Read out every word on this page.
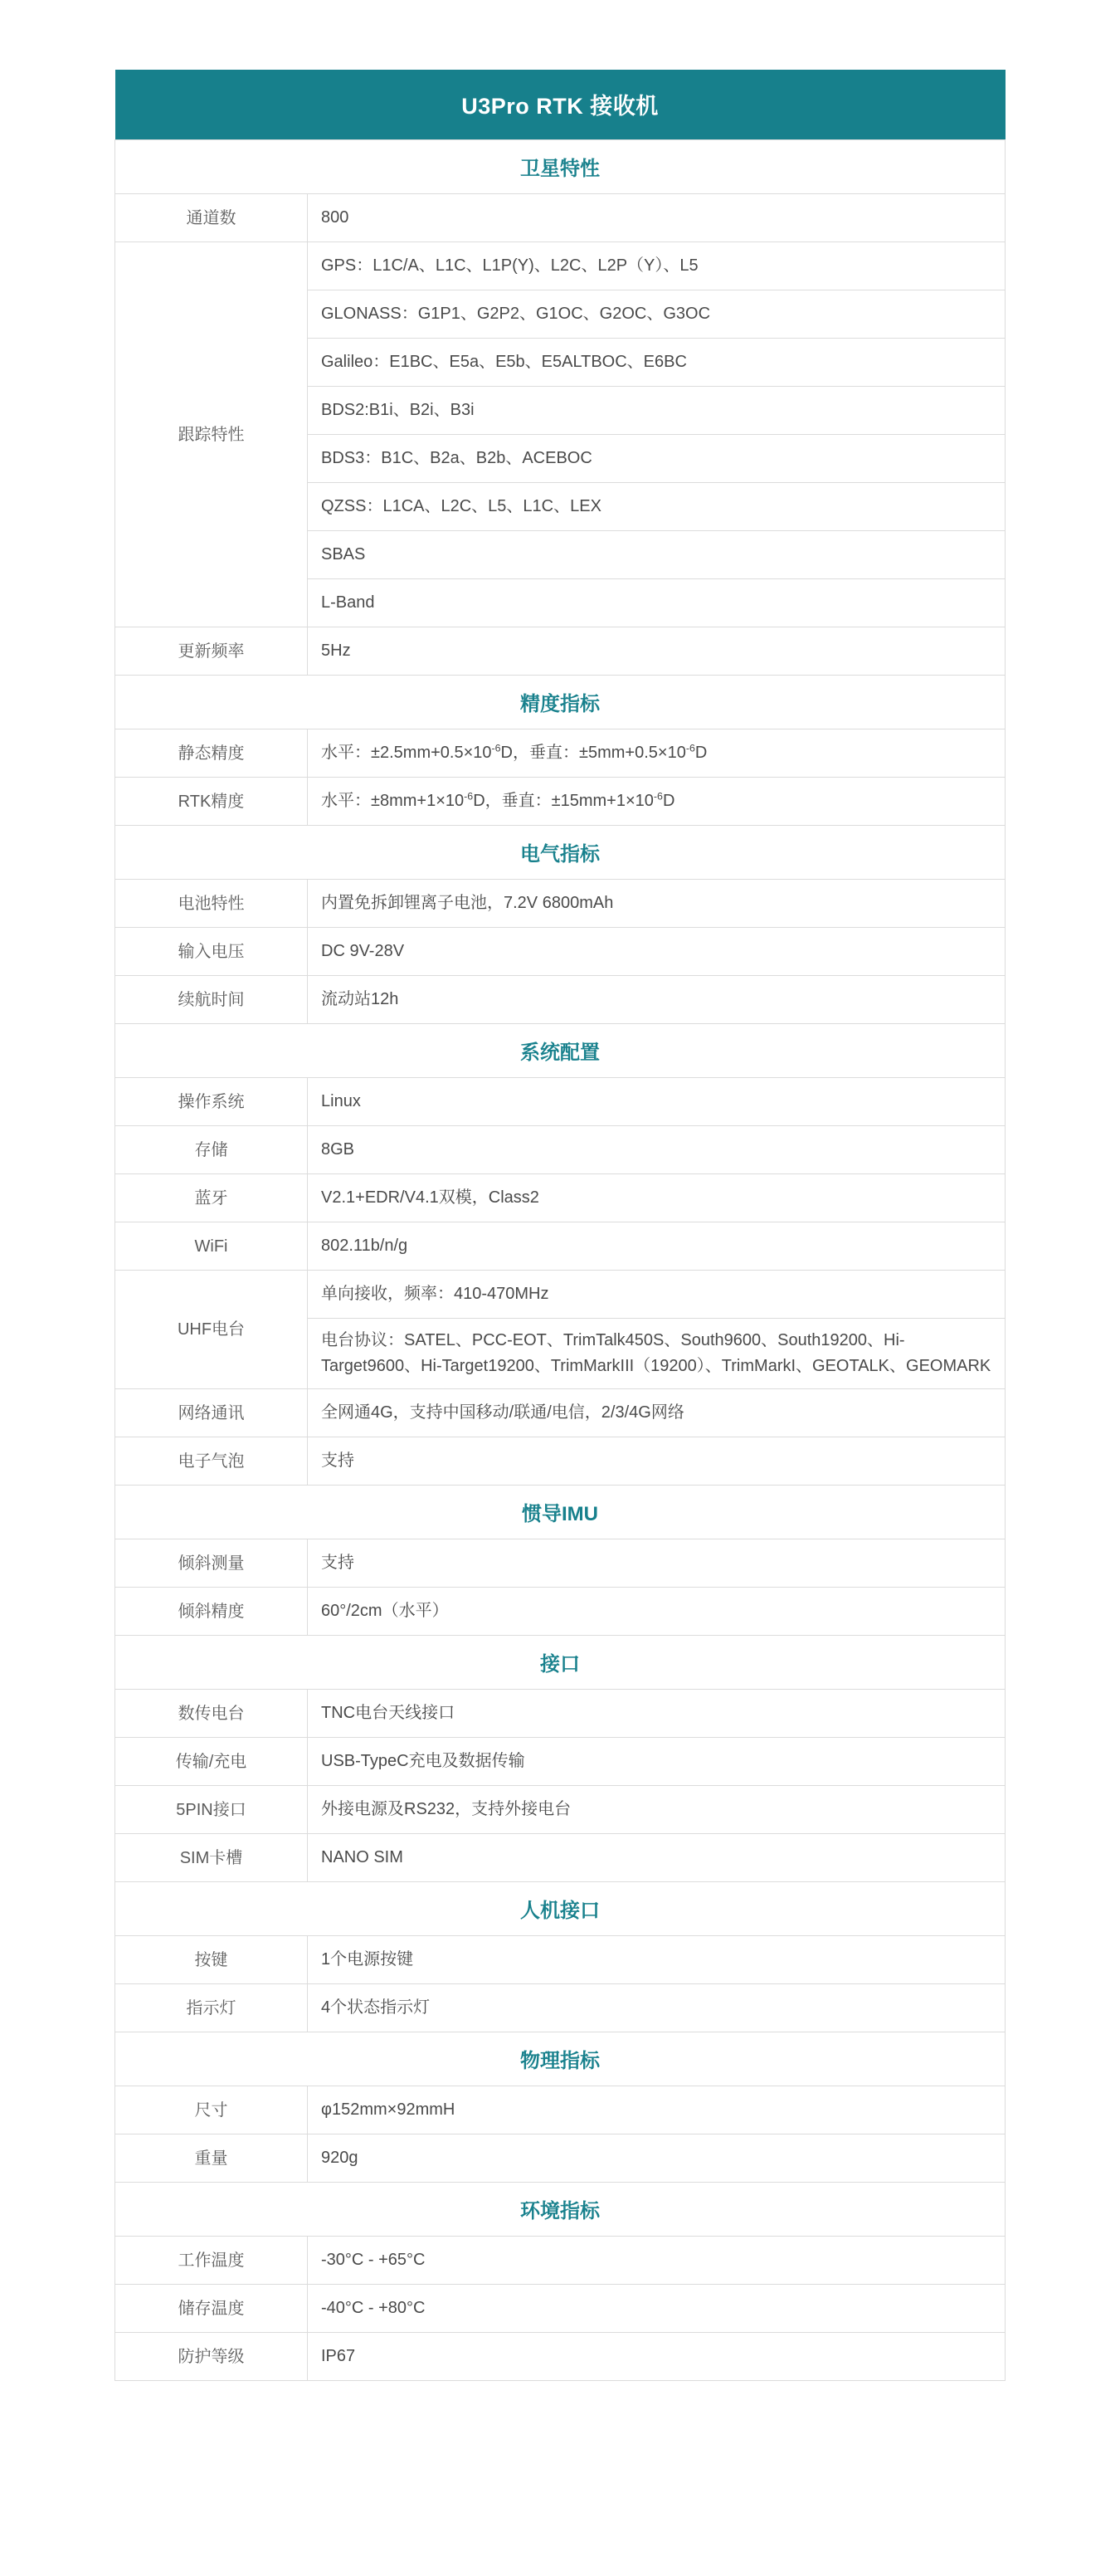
U3Pro RTK 接收机	
卫星特性	
通道数	800
跟踪特性	GPS：L1C/A、L1C、L1P(Y)、L2C、L2P（Y）、L5
	GLONASS：G1P1、G2P2、G1OC、G2OC、G3OC
	Galileo：E1BC、E5a、E5b、E5ALTBOC、E6BC
	BDS2:B1i、B2i、B3i
	BDS3：B1C、B2a、B2b、ACEBOC
	QZSS：L1CA、L2C、L5、L1C、LEX
	SBAS
	L-Band
更新频率	5Hz
精度指标	
静态精度	水平：$\pm 2.5mm+0.5\times 10^{-6}D$，垂直：$\pm 5mm+0.5\times 10^{-6}D$
RTK精度	水平：$\pm 8mm+1\times 10^{-6}D$，垂直：$\pm 15mm+1\times 10^{-6}D$
电气指标	
电池特性	内置免拆卸锂离子电池，7.2V 6800mAh
输入电压	DC 9V-28V
续航时间	流动站12h
系统配置	
操作系统	Linux
存储	8GB
蓝牙	V2.1+EDR/V4.1双模，Class2
WiFi	802.11b/n/g
UHF电台	单向接收，频率：410-470MHz
	电台协议：SATEL、PCC-EOT、TrimTalk450S、South9600、South19200、Hi-Target9600、Hi-Target19200、TrimMarkIII（19200）、TrimMarkI、GEOTALK、GEOMARK
网络通讯	全网通4G，支持中国移动/联通/电信，2/3/4G网络
电子气泡	支持
惯导IMU	
倾斜测量	支持
倾斜精度	60°/2cm（水平）
接口	
数传电台	TNC电台天线接口
传输/充电	USB-TypeC充电及数据传输
5PIN接口	外接电源及RS232，支持外接电台
SIM卡槽	NANO SIM
人机接口	
按键	1个电源按键
指示灯	4个状态指示灯
物理指标	
尺寸	φ152mm×92mmH
重量	920g
环境指标	
工作温度	-30°C - +65°C
储存温度	-40°C - +80°C
防护等级	IP67
